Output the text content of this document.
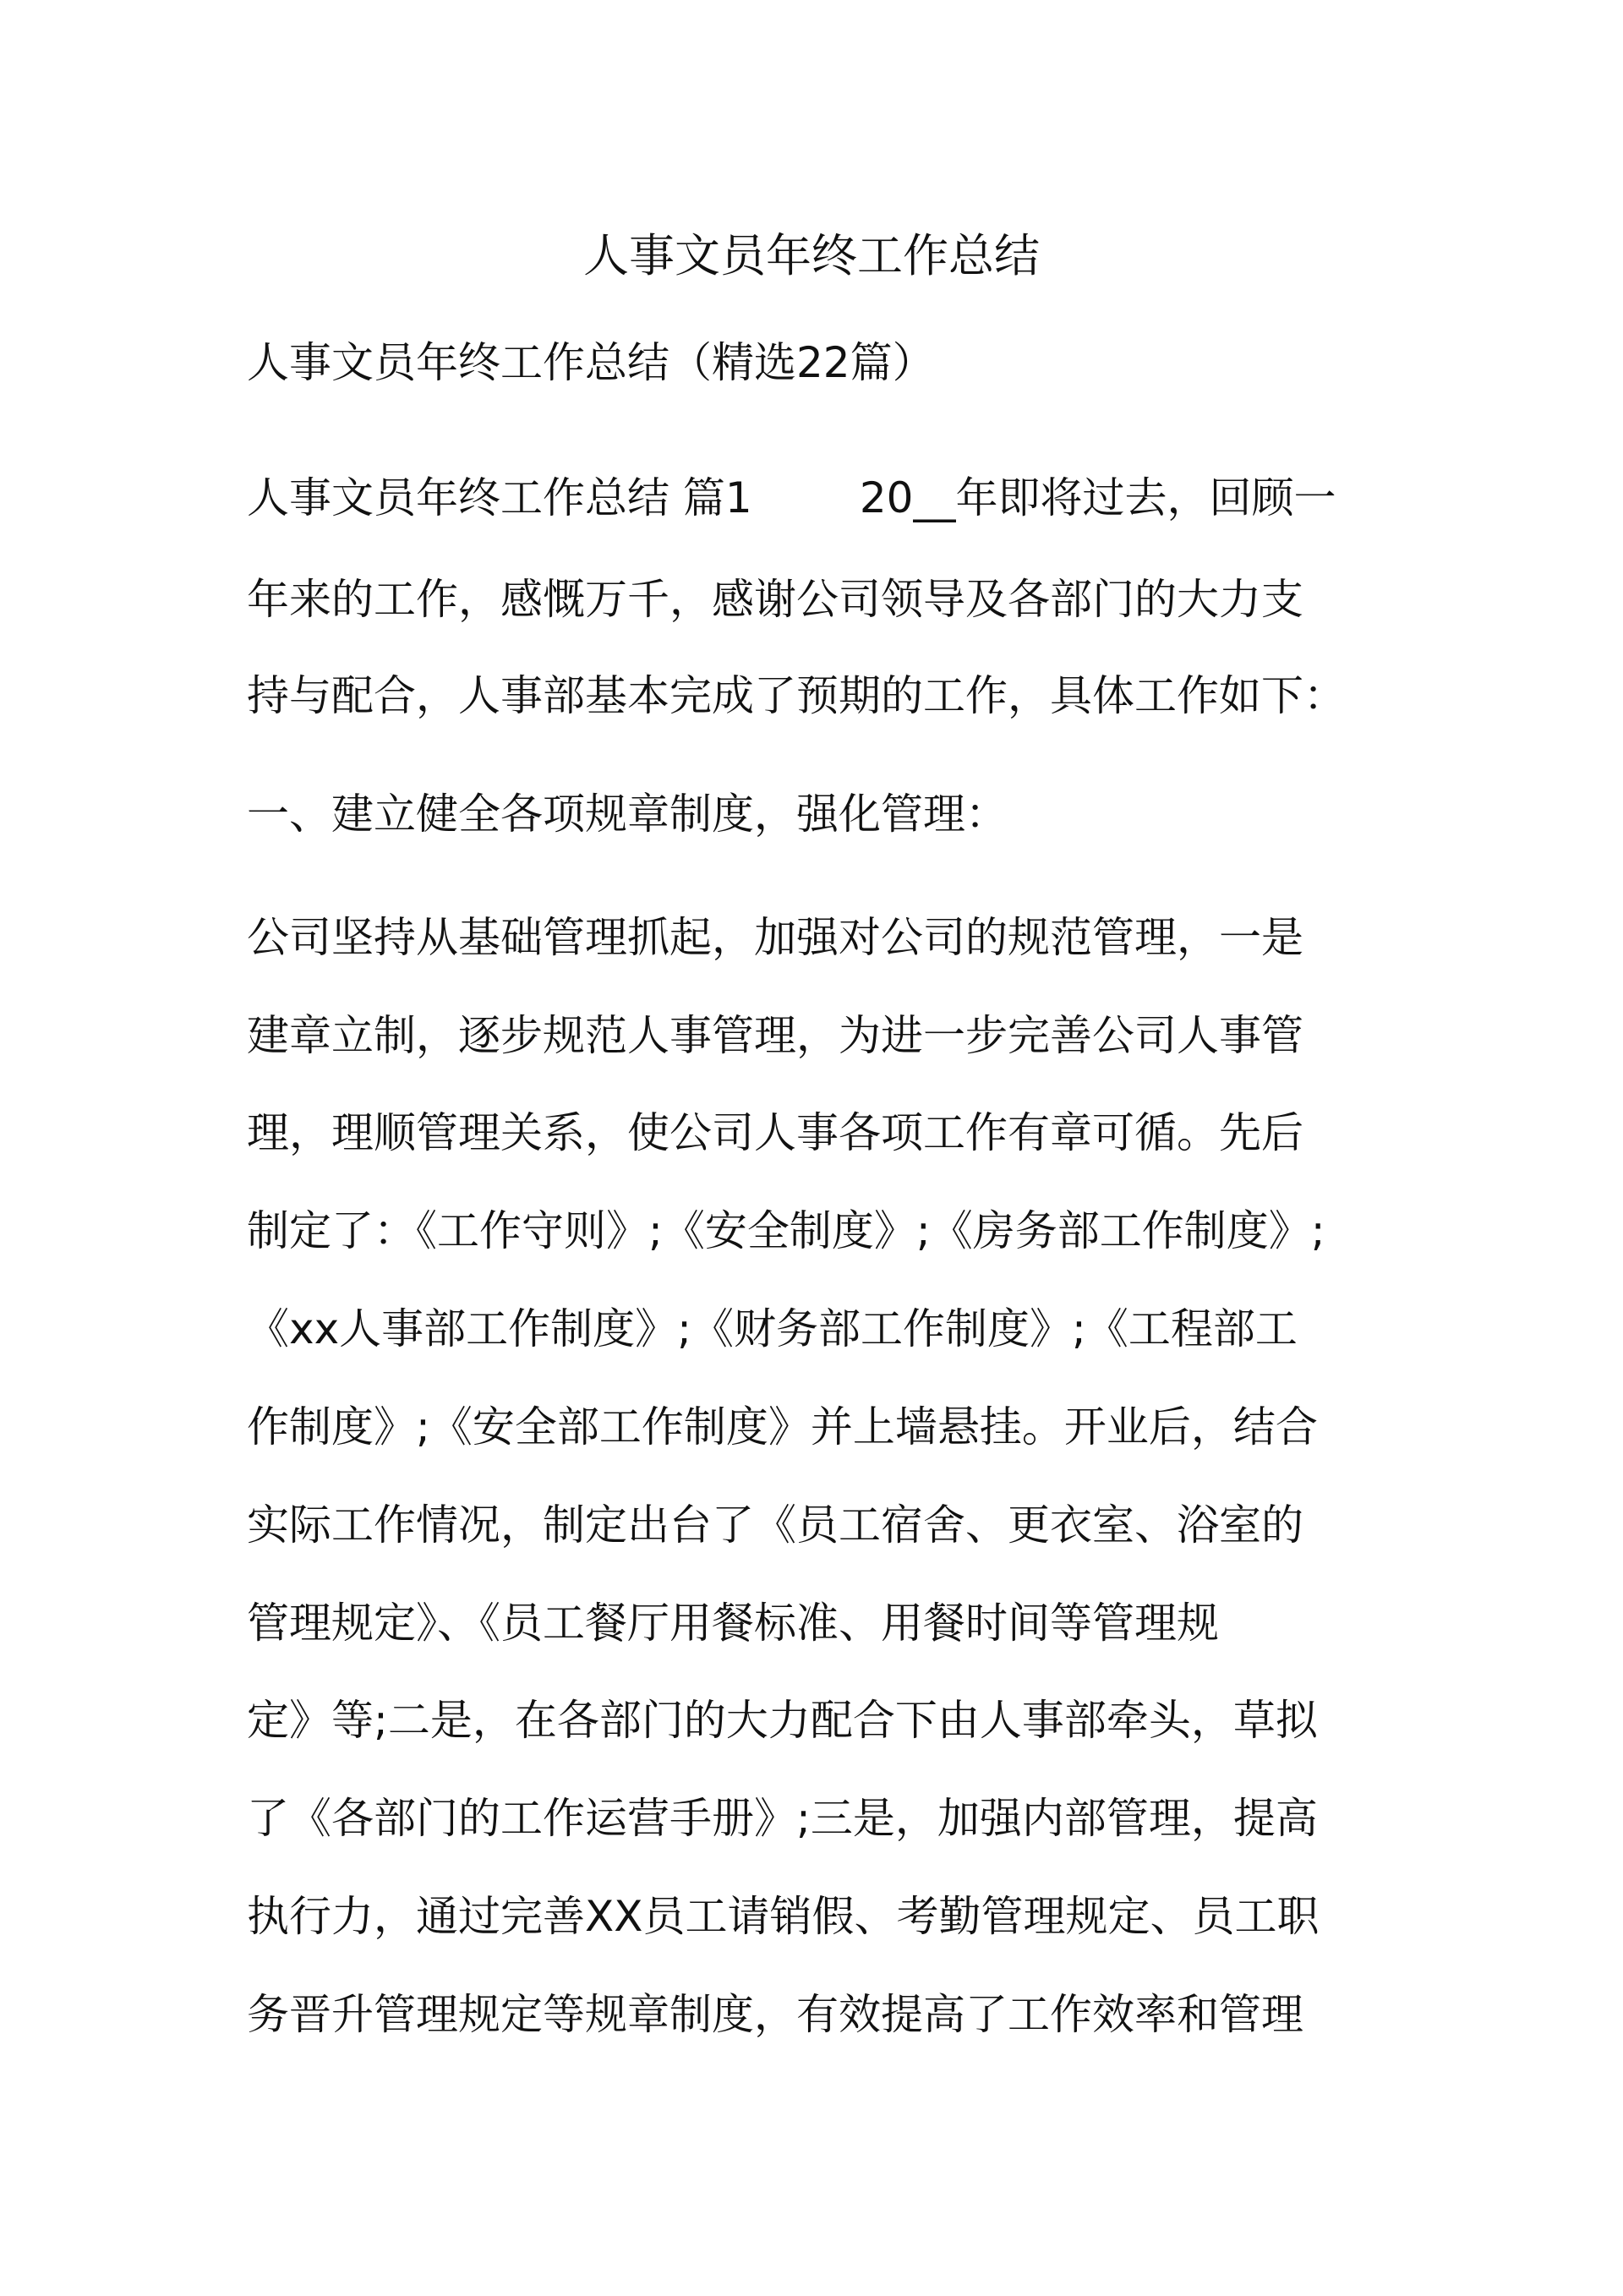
人事文员年终工作总结

人事文员年终工作总结（精选22篇）

人事文员年终工作总结 篇1        20__年即将过去，回顾一

年来的工作，感慨万千，感谢公司领导及各部门的大力支

持与配合，人事部基本完成了预期的工作，具体工作如下：

一、建立健全各项规章制度，强化管理：

公司坚持从基础管理抓起，加强对公司的规范管理，一是

建章立制，逐步规范人事管理，为进一步完善公司人事管

理，理顺管理关系，使公司人事各项工作有章可循。先后

制定了：《工作守则》;《安全制度》;《房务部工作制度》;

《xx人事部工作制度》;《财务部工作制度》;《工程部工

作制度》;《安全部工作制度》并上墙悬挂。开业后，结合

实际工作情况，制定出台了《员工宿舍、更衣室、浴室的

管理规定》、《员工餐厅用餐标准、用餐时间等管理规

定》等;二是，在各部门的大力配合下由人事部牵头，草拟

了《各部门的工作运营手册》;三是，加强内部管理，提高

执行力，通过完善XX员工请销假、考勤管理规定、员工职

务晋升管理规定等规章制度，有效提高了工作效率和管理
